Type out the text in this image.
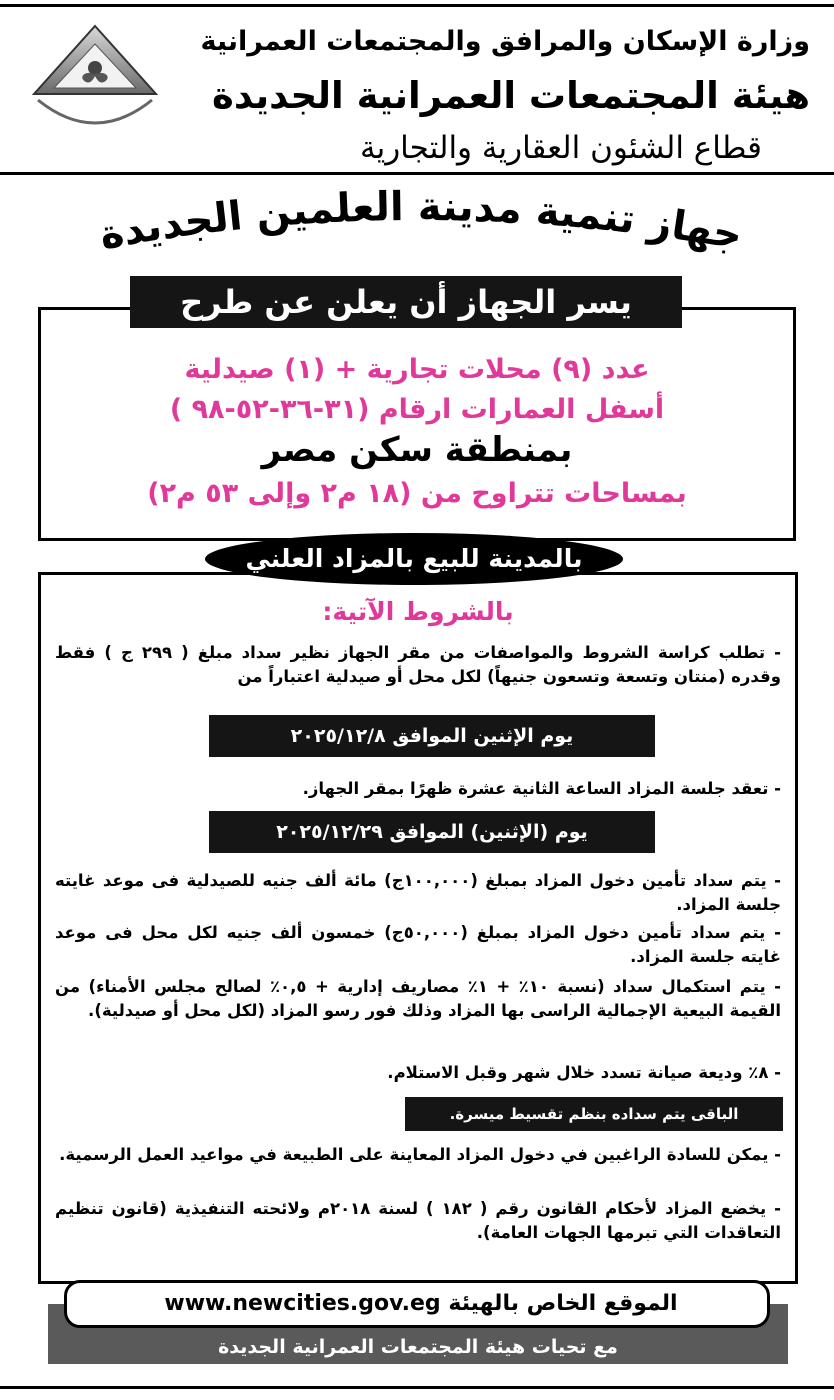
وزارة الإسكان والمرافق والمجتمعات العمرانية
هيئة المجتمعات العمرانية الجديدة
قطاع الشئون العقارية والتجارية
جهاز تنمية مدينة العلمين الجديدة
يسر الجهاز أن يعلن عن طرح
عدد (٩) محلات تجارية + (١) صيدلية
أسفل العمارات ارقام (٣١-٣٦-٥٢-٩٨ )
بمنطقة سكن مصر
بمساحات تتراوح من (١٨ م٢ وإلى ٥٣ م٢)
بالمدينة للبيع بالمزاد العلني
بالشروط الآتية:
- تطلب كراسة الشروط والمواصفات من مقر الجهاز نظير سداد مبلغ ( ٢٩٩ ج ) فقط وقدره (منتان وتسعة وتسعون جنيهاً) لكل محل أو صيدلية اعتباراً من
يوم الإثنين الموافق ٢٠٢٥/١٢/٨
- تعقد جلسة المزاد الساعة الثانية عشرة ظهرًا بمقر الجهاز.
يوم (الإثنين) الموافق ٢٠٢٥/١٢/٢٩
- يتم سداد تأمين دخول المزاد بمبلغ (١٠٠,٠٠٠ج) مائة ألف جنيه للصيدلية فى موعد غايته جلسة المزاد.
- يتم سداد تأمين دخول المزاد بمبلغ (٥٠,٠٠٠ج) خمسون ألف جنيه لكل محل فى موعد غايته جلسة المزاد.
- يتم استكمال سداد (نسبة ١٠٪ + ١٪ مصاريف إدارية + ٠,٥٪ لصالح مجلس الأمناء) من القيمة البيعية الإجمالية الراسى بها المزاد وذلك فور رسو المزاد (لكل محل أو صيدلية).
- ٨٪ وديعة صيانة تسدد خلال شهر وقبل الاستلام.
الباقى يتم سداده بنظم تقسيط ميسرة.
- يمكن للسادة الراغبين في دخول المزاد المعاينة على الطبيعة في مواعيد العمل الرسمية.
- يخضع المزاد لأحكام القانون رقم ( ١٨٢ ) لسنة ٢٠١٨م ولائحته التنفيذية (قانون تنظيم التعاقدات التي تبرمها الجهات العامة).
مع تحيات هيئة المجتمعات العمرانية الجديدة
الموقع الخاص بالهيئة www.newcities.gov.eg
